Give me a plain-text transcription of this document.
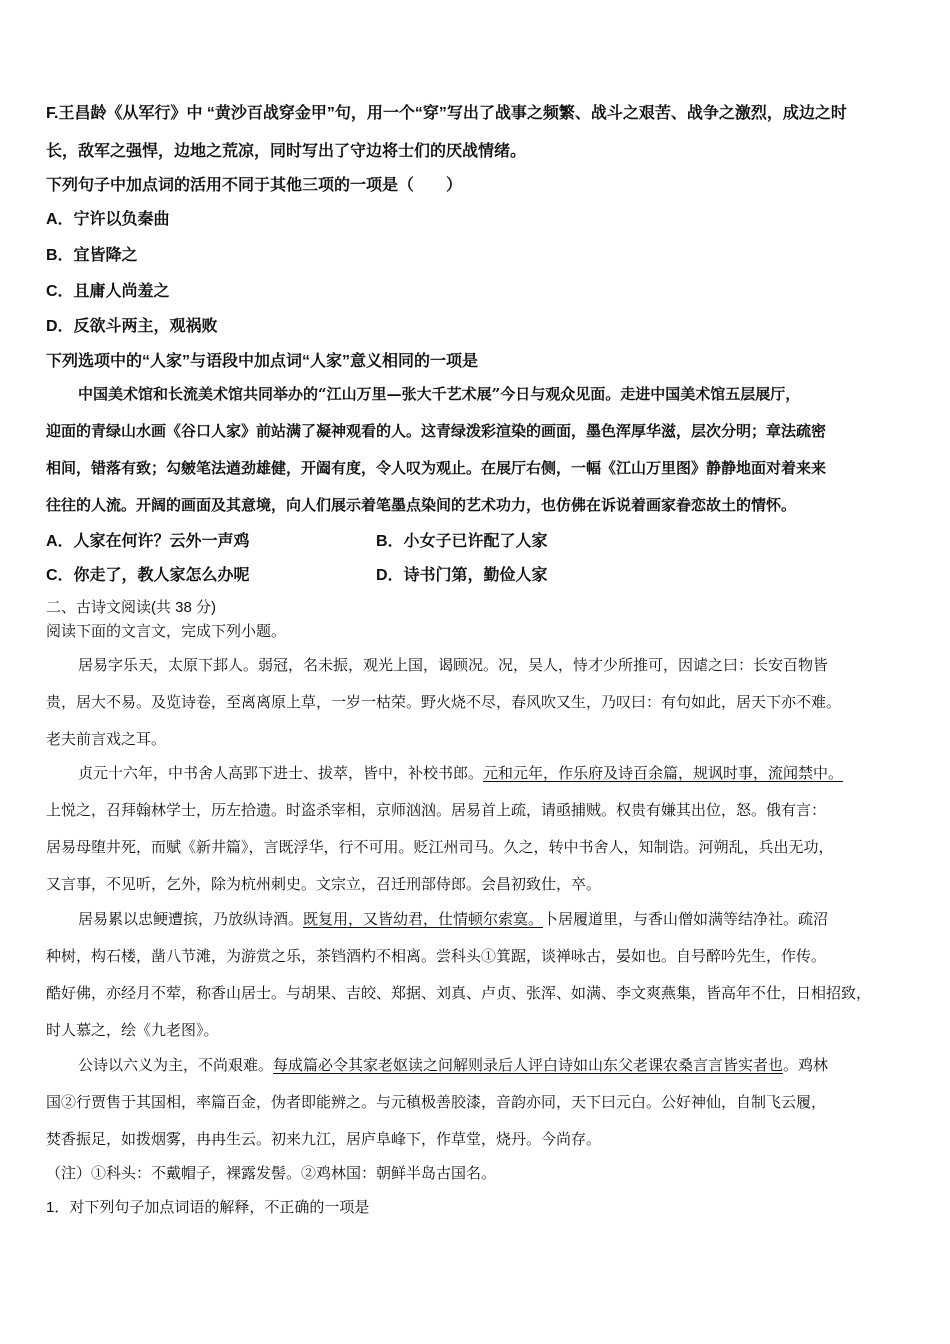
F.王昌龄《从军行》中 “黄沙百战穿金甲”句，用一个“穿”写出了战事之频繁、战斗之艰苦、战争之激烈，成边之时
长，敌军之强悍，边地之荒凉，同时写出了守边将士们的厌战情绪。
下列句子中加点词的活用不同于其他三项的一项是（　　）
A．宁许以负秦曲
B．宜皆降之
C．且庸人尚羞之
D．反欲斗两主，观祸败
下列选项中的“人家”与语段中加点词“人家”意义相同的一项是
中国美术馆和长流美术馆共同举办的“江山万里—张大千艺术展”今日与观众见面。走进中国美术馆五层展厅，
迎面的青绿山水画《谷口人家》前站满了凝神观看的人。这青绿泼彩渲染的画面，墨色浑厚华滋，层次分明；章法疏密
相间，错落有致；勾皴笔法遒劲雄健，开阖有度，令人叹为观止。在展厅右侧，一幅《江山万里图》静静地面对着来来
往往的人流。开阔的画面及其意境，向人们展示着笔墨点染间的艺术功力，也仿佛在诉说着画家眷恋故土的情怀。
A．人家在何许？云外一声鸡	B．小女子已许配了人家
C．你走了，教人家怎么办呢	D．诗书门第，勤俭人家
二、古诗文阅读(共 38 分)
阅读下面的文言文，完成下列小题。
居易字乐天，太原下邽人。弱冠，名未振，观光上国，谒顾况。况，吴人，恃才少所推可，因谑之曰：长安百物皆
贵，居大不易。及览诗卷，至离离原上草，一岁一枯荣。野火烧不尽，春风吹又生，乃叹曰：有句如此，居天下亦不难。
老夫前言戏之耳。
贞元十六年，中书舍人高郢下进士、拔萃，皆中，补校书郎。元和元年，作乐府及诗百余篇，规讽时事，流闻禁中。
上悦之，召拜翰林学士，历左拾遗。时盗杀宰相，京师汹汹。居易首上疏，请亟捕贼。权贵有嫌其出位，怒。俄有言：
居易母堕井死，而赋《新井篇》，言既浮华，行不可用。贬江州司马。久之，转中书舍人，知制诰。河朔乱，兵出无功，
又言事，不见听，乞外，除为杭州刺史。文宗立，召迁刑部侍郎。会昌初致仕，卒。
居易累以忠鲠遭摈，乃放纵诗酒。既复用，又皆幼君，仕情顿尔索寞。卜居履道里，与香山僧如满等结净社。疏沼
种树，构石楼，凿八节滩，为游赏之乐，茶铛酒杓不相离。尝科头①箕踞，谈禅咏古，晏如也。自号醉吟先生，作传。
酷好佛，亦经月不荤，称香山居士。与胡果、吉皎、郑据、刘真、卢贞、张浑、如满、李文爽燕集，皆高年不仕，日相招致，
时人慕之，绘《九老图》。
公诗以六义为主，不尚艰难。每成篇必令其家老妪读之问解则录后人评白诗如山东父老课农桑言言皆实者也。鸡林
国②行贾售于其国相，率篇百金，伪者即能辨之。与元稹极善胶漆，音韵亦同，天下曰元白。公好神仙，自制飞云履，
焚香振足，如拨烟雾，冉冉生云。初来九江，居庐阜峰下，作草堂，烧丹。今尚存。
（注）①科头：不戴帽子，裸露发髻。②鸡林国：朝鲜半岛古国名。
1．对下列句子加点词语的解释，不正确的一项是
